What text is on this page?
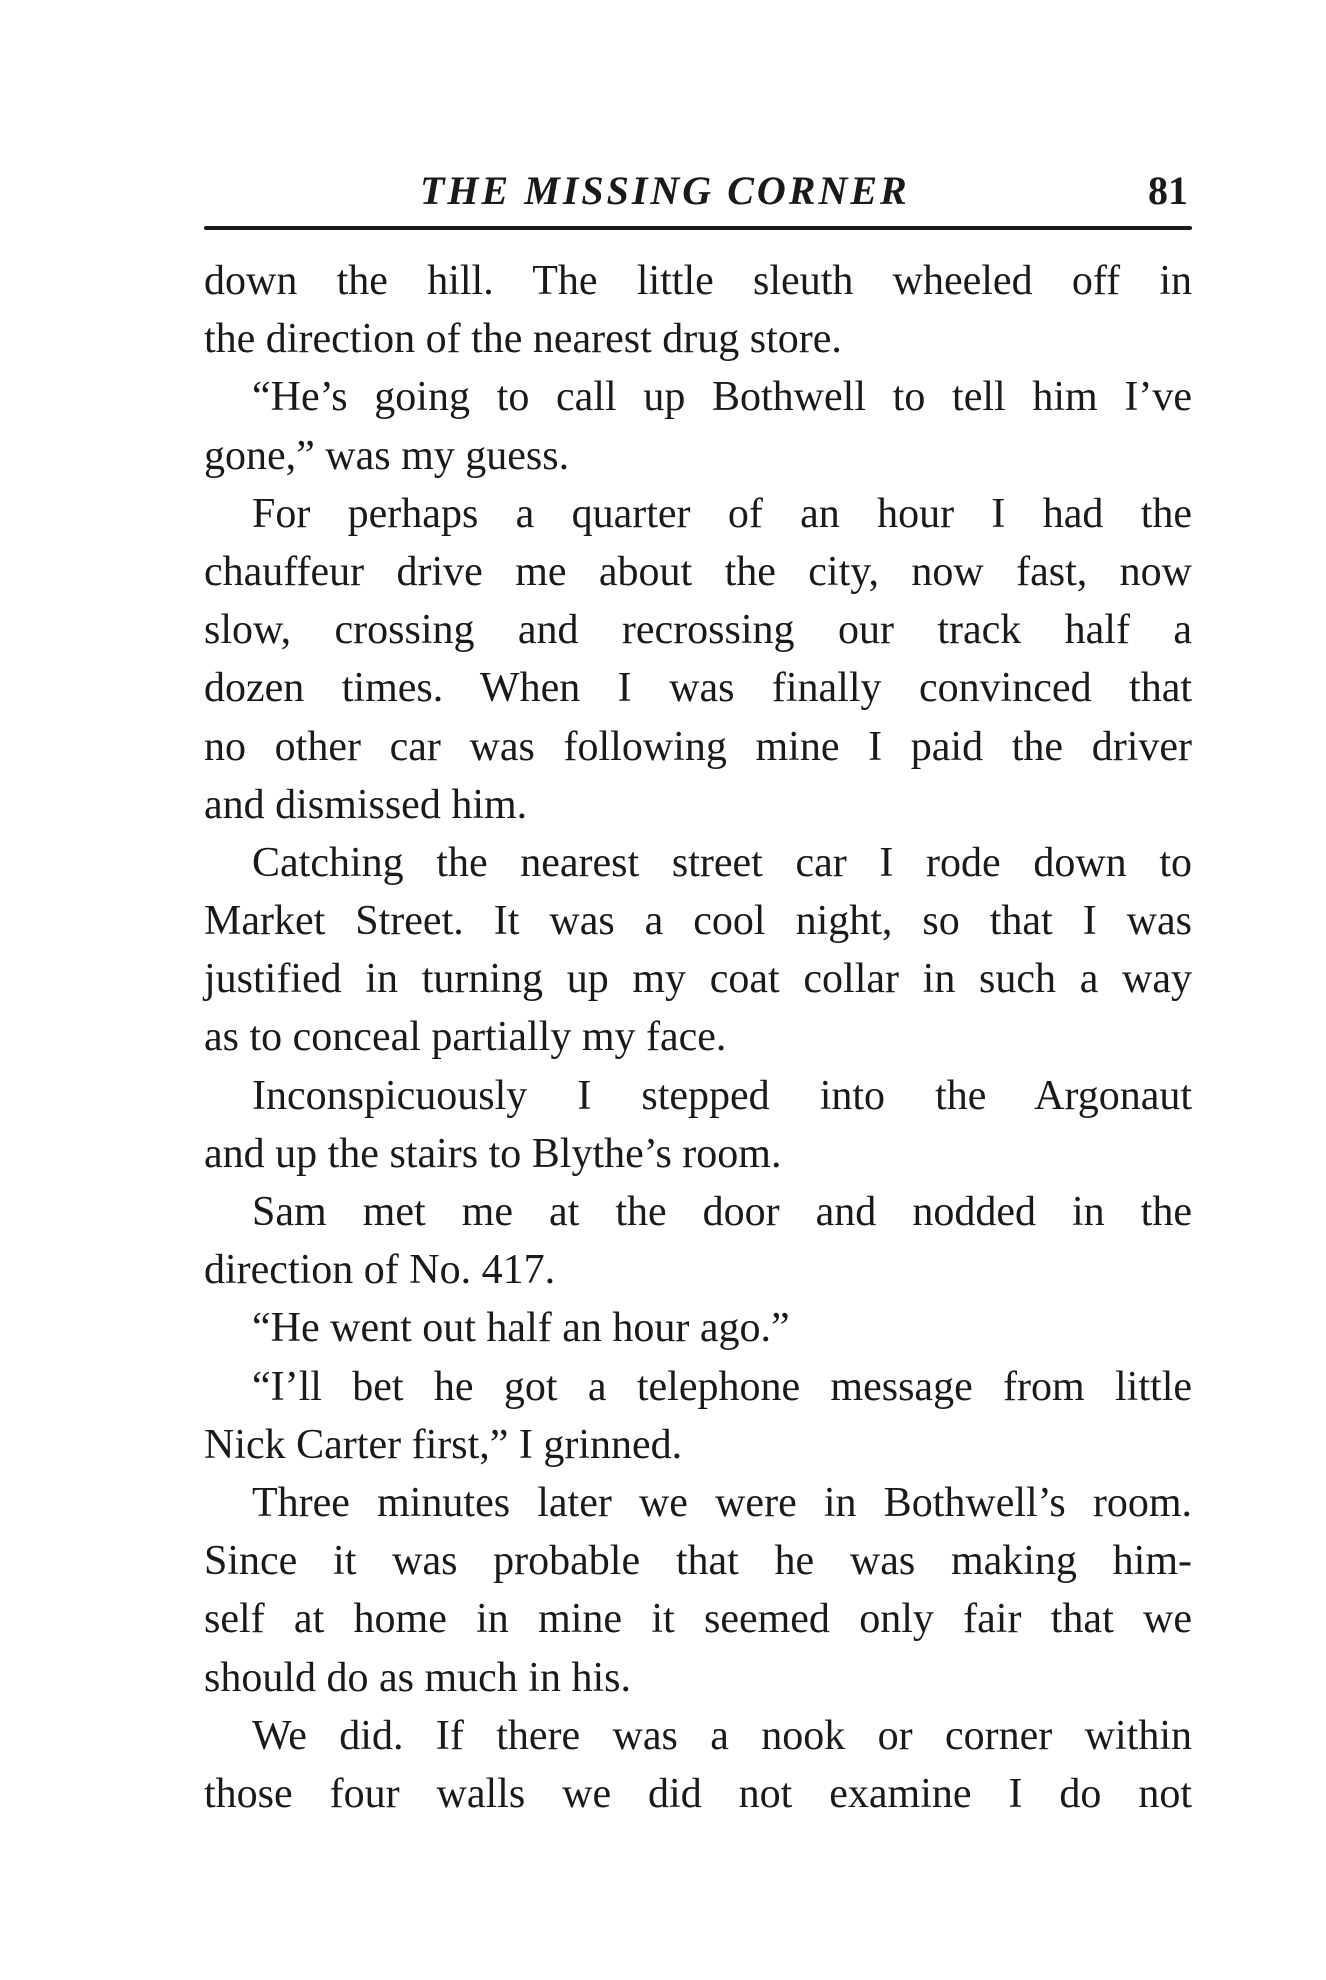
THE MISSING CORNER	81
down the hill. The little sleuth wheeled off in
the direction of the nearest drug store.
“He’s going to call up Bothwell to tell him I’ve
gone,” was my guess.
For perhaps a quarter of an hour I had the
chauffeur drive me about the city, now fast, now
slow, crossing and recrossing our track half a
dozen times. When I was finally convinced that
no other car was following mine I paid the driver
and dismissed him.
Catching the nearest street car I rode down to
Market Street. It was a cool night, so that I was
justified in turning up my coat collar in such a way
as to conceal partially my face.
Inconspicuously I stepped into the Argonaut
and up the stairs to Blythe’s room.
Sam met me at the door and nodded in the
direction of No. 417.
“He went out half an hour ago.”
“I’ll bet he got a telephone message from little
Nick Carter first,” I grinned.
Three minutes later we were in Bothwell’s room.
Since it was probable that he was making him-
self at home in mine it seemed only fair that we
should do as much in his.
We did. If there was a nook or corner within
those four walls we did not examine I do not
